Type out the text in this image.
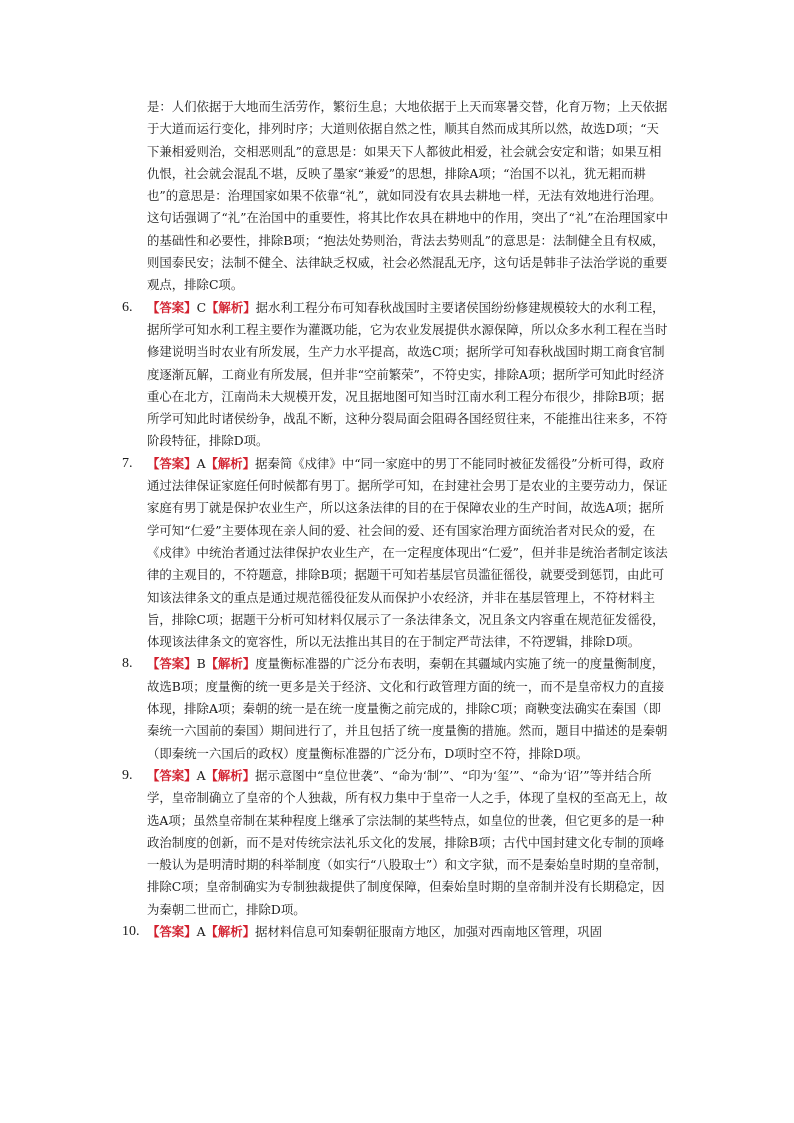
是：人们依据于大地而生活劳作，繁衍生息；大地依据于上天而寒暑交替，化育万物；上天依据于大道而运行变化，排列时序；大道则依据自然之性，顺其自然而成其所以然，故选D项；“天下兼相爱则治，交相恶则乱”的意思是：如果天下人都彼此相爱，社会就会安定和谐；如果互相仇恨，社会就会混乱不堪，反映了墨家“兼爱”的思想，排除A项；“治国不以礼，犹无耜而耕也”的意思是：治理国家如果不依靠“礼”，就如同没有农具去耕地一样，无法有效地进行治理。这句话强调了“礼”在治国中的重要性，将其比作农具在耕地中的作用，突出了“礼”在治理国家中的基础性和必要性，排除B项；“抱法处势则治，背法去势则乱”的意思是：法制健全且有权威，则国泰民安；法制不健全、法律缺乏权威，社会必然混乱无序，这句话是韩非子法治学说的重要观点，排除C项。

6.	【答案】C【解析】据水利工程分布可知春秋战国时主要诸侯国纷纷修建规模较大的水利工程，据所学可知水利工程主要作为灌溉功能，它为农业发展提供水源保障，所以众多水利工程在当时修建说明当时农业有所发展，生产力水平提高，故选C项；据所学可知春秋战国时期工商食官制度逐渐瓦解，工商业有所发展，但并非“空前繁荣”，不符史实，排除A项；据所学可知此时经济重心在北方，江南尚未大规模开发，况且据地图可知当时江南水利工程分布很少，排除B项；据所学可知此时诸侯纷争，战乱不断，这种分裂局面会阻碍各国经贸往来，不能推出往来多，不符阶段特征，排除D项。

7.	【答案】A【解析】据秦简《戍律》中“同一家庭中的男丁不能同时被征发徭役”分析可得，政府通过法律保证家庭任何时候都有男丁。据所学可知，在封建社会男丁是农业的主要劳动力，保证家庭有男丁就是保护农业生产，所以这条法律的目的在于保障农业的生产时间，故选A项；据所学可知“仁爱”主要体现在亲人间的爱、社会间的爱、还有国家治理方面统治者对民众的爱，在《戍律》中统治者通过法律保护农业生产，在一定程度体现出“仁爱”，但并非是统治者制定该法律的主观目的，不符题意，排除B项；据题干可知若基层官员滥征徭役，就要受到惩罚，由此可知该法律条文的重点是通过规范徭役征发从而保护小农经济，并非在基层管理上，不符材料主旨，排除C项；据题干分析可知材料仅展示了一条法律条文，况且条文内容重在规范征发徭役，体现该法律条文的宽容性，所以无法推出其目的在于制定严苛法律，不符逻辑，排除D项。

8.	【答案】B【解析】度量衡标准器的广泛分布表明，秦朝在其疆域内实施了统一的度量衡制度，故选B项；度量衡的统一更多是关于经济、文化和行政管理方面的统一，而不是皇帝权力的直接体现，排除A项；秦朝的统一是在统一度量衡之前完成的，排除C项；商鞅变法确实在秦国（即秦统一六国前的秦国）期间进行了，并且包括了统一度量衡的措施。然而，题目中描述的是秦朝（即秦统一六国后的政权）度量衡标准器的广泛分布，D项时空不符，排除D项。

9.	【答案】A【解析】据示意图中“皇位世袭”、“命为‘制’”、“印为‘玺’”、“命为‘诏’”等并结合所学，皇帝制确立了皇帝的个人独裁，所有权力集中于皇帝一人之手，体现了皇权的至高无上，故选A项；虽然皇帝制在某种程度上继承了宗法制的某些特点，如皇位的世袭，但它更多的是一种政治制度的创新，而不是对传统宗法礼乐文化的发展，排除B项；古代中国封建文化专制的顶峰一般认为是明清时期的科举制度（如实行“八股取士”）和文字狱，而不是秦始皇时期的皇帝制，排除C项；皇帝制确实为专制独裁提供了制度保障，但秦始皇时期的皇帝制并没有长期稳定，因为秦朝二世而亡，排除D项。

10. 【答案】A【解析】据材料信息可知秦朝征服南方地区，加强对西南地区管理，巩固
